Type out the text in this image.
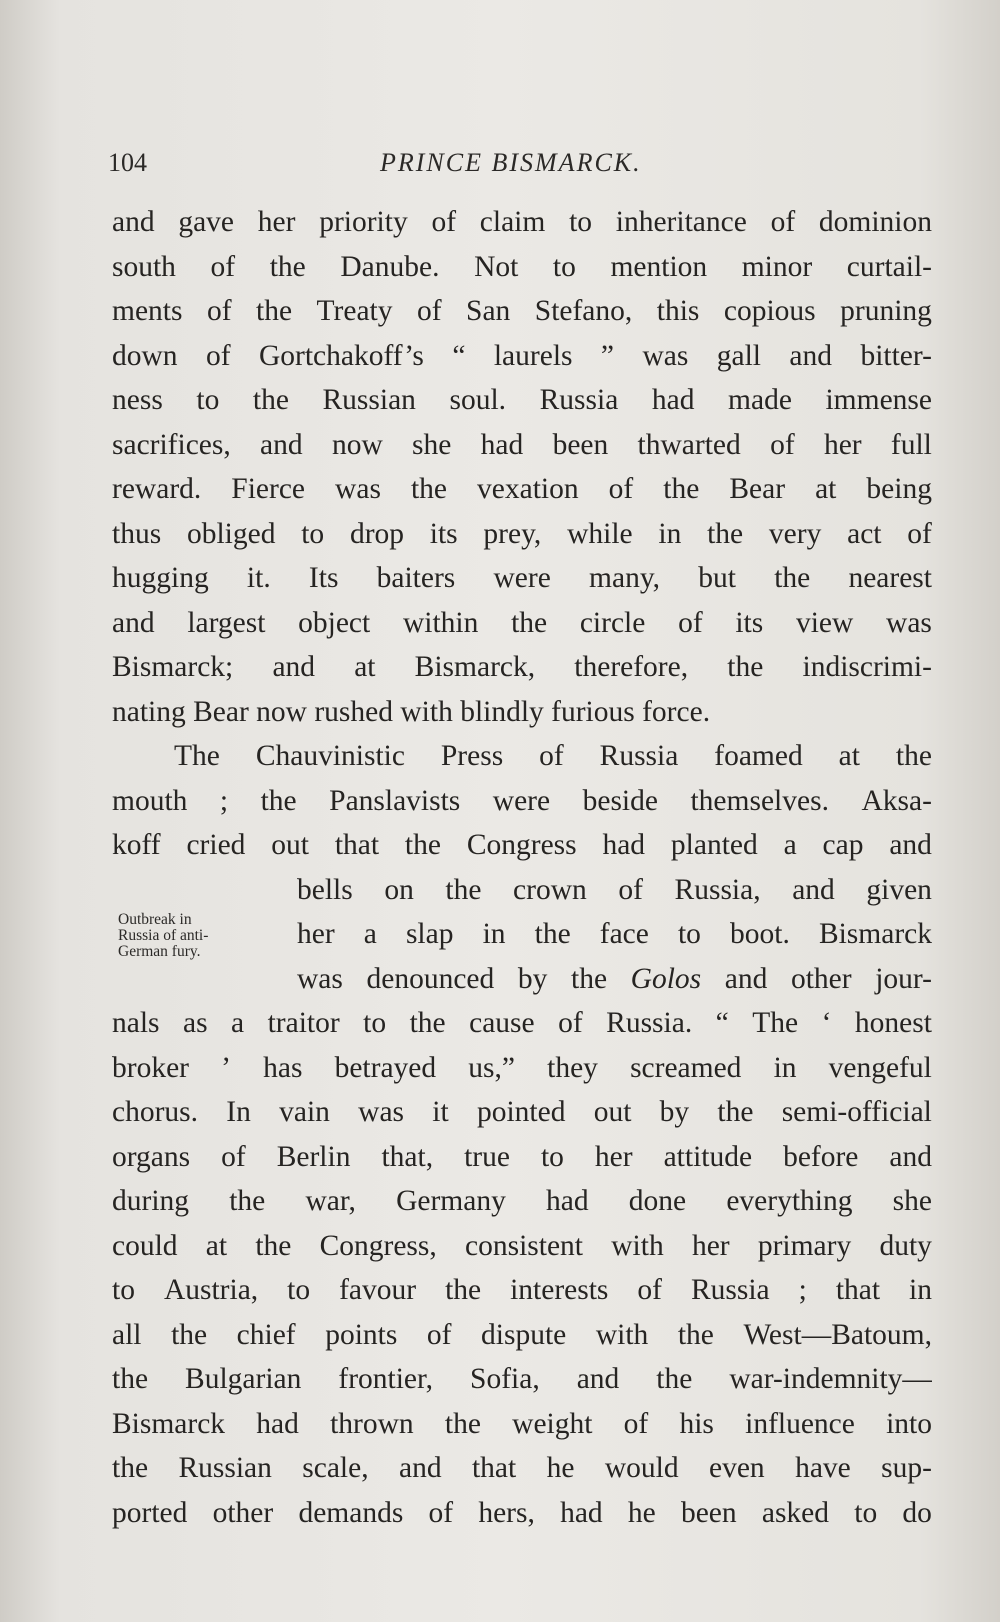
104	PRINCE BISMARCK.
Outbreak in
Russia of anti-
German fury.
and gave her priority of claim to inheritance of dominion
south of the Danube. Not to mention minor curtail-
ments of the Treaty of San Stefano, this copious pruning
down of Gortchakoff’s “ laurels ” was gall and bitter-
ness to the Russian soul. Russia had made immense
sacrifices, and now she had been thwarted of her full
reward. Fierce was the vexation of the Bear at being
thus obliged to drop its prey, while in the very act of
hugging it. Its baiters were many, but the nearest
and largest object within the circle of its view was
Bismarck; and at Bismarck, therefore, the indiscrimi-
nating Bear now rushed with blindly furious force.
The Chauvinistic Press of Russia foamed at the
mouth ; the Panslavists were beside themselves. Aksa-
koff cried out that the Congress had planted a cap and
bells on the crown of Russia, and given
her a slap in the face to boot. Bismarck
was denounced by the Golos and other jour-
nals as a traitor to the cause of Russia. “ The ‘ honest
broker ’ has betrayed us,” they screamed in vengeful
chorus. In vain was it pointed out by the semi-official
organs of Berlin that, true to her attitude before and
during the war, Germany had done everything she
could at the Congress, consistent with her primary duty
to Austria, to favour the interests of Russia ; that in
all the chief points of dispute with the West—Batoum,
the Bulgarian frontier, Sofia, and the war-indemnity—
Bismarck had thrown the weight of his influence into
the Russian scale, and that he would even have sup-
ported other demands of hers, had he been asked to do
